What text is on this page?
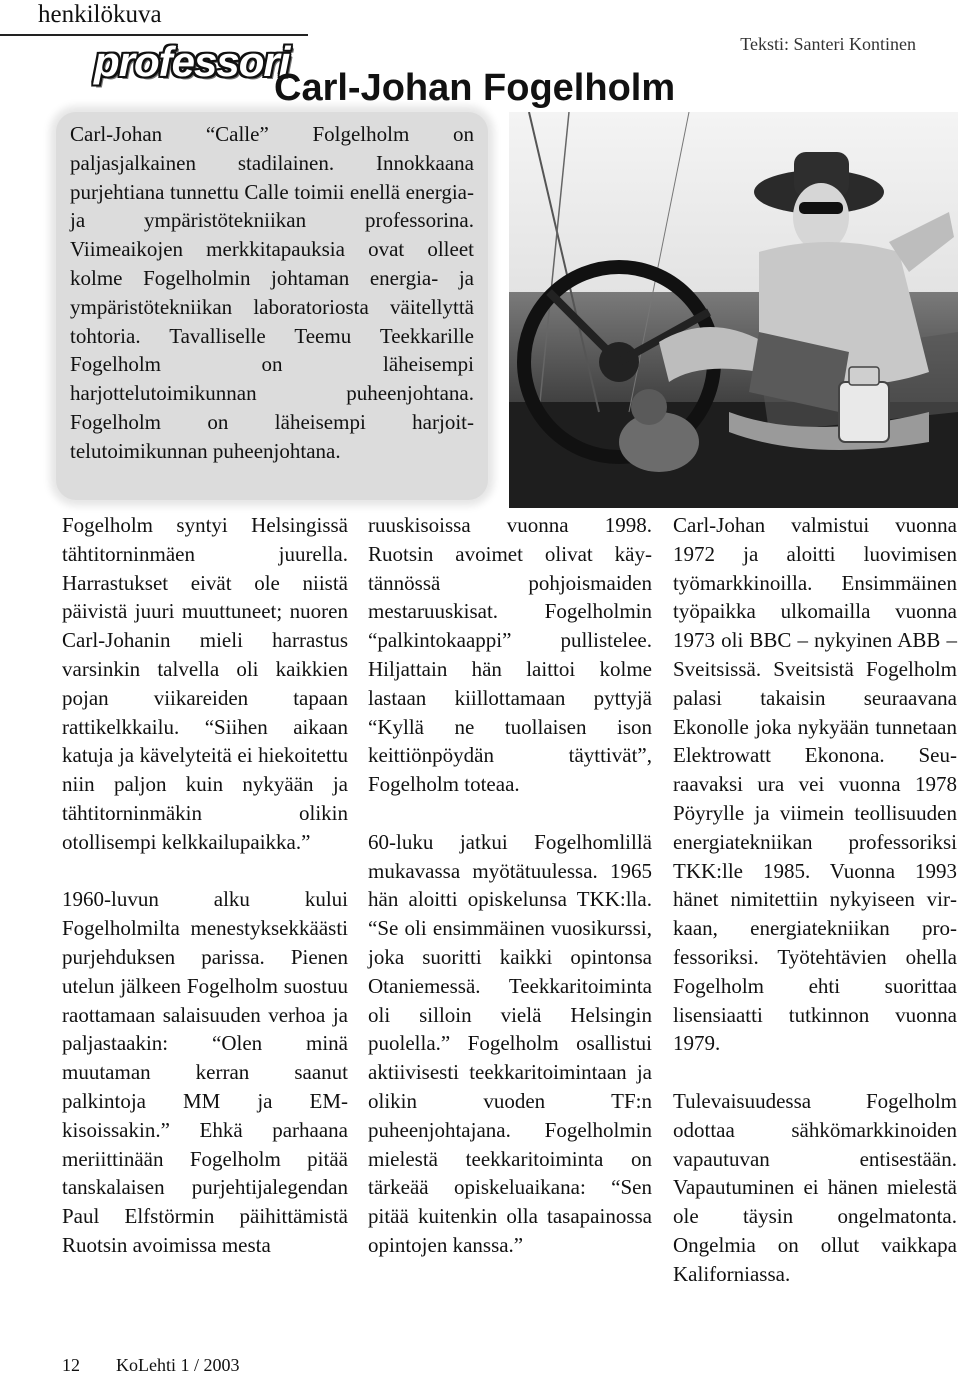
henkilökuva
professori	Teksti: Santeri Kontinen
Carl-Johan Fogelholm
Carl-Johan “Calle” Folgelholm on paljasjalkainen stadilainen. Innokkaana purjehtiana tunnettu Calle toimii enellä energia- ja ympäristötekniikan professorina. Viimeaikojen merkkitapauksia ovat olleet kolme Fogelholmin johtaman energia- ja ympäristötekniikan laboratoriosta väitellyttä tohtoria. Tavalliselle Teemu Teekkarille Fogelholm on läheisempi harjottelutoimikunnan puheenjohtana. Fogelholm on läheisempi harjoittelutoimikunnan puheenjohtana.

Fogelholm syntyi Helsingissä tähtitorninmäen juurella. Harrastukset eivät ole niistä päivistä juuri muuttuneet; nuoren Carl-Johanin mieli harrastus varsinkin talvella oli kaikkien pojan viikareiden tapaan rattikelkkailu. “Siihen aikaan katuja ja kävelyteitä ei hiekoitettu niin paljon kuin nykyään ja tähtitorninmäkin olikin otollisempi kelkkailupaikka.”

1960-luvun alku kului Fogelholmilta menestyksekkäästi purjehduksen parissa. Pienen utelun jälkeen Fogelholm suostuu raottamaan salaisuuden verhoa ja paljastaakin: “Olen minä muutaman kerran saanut palkintoja MM ja EM-kisoissakin.” Ehkä parhaana meriittinään Fogelholm pitää tanskalaisen purjehtijalegendan Paul Elfstörmin päihittämistä Ruotsin avoimissa mesta

ruuskisoissa vuonna 1998. Ruotsin avoimet olivat käytännössä pohjoismaiden mestaruuskisat. Fogelholmin “palkintokaappi” pullistelee. Hiljattain hän laittoi kolme lastaan kiillottamaan pyttyjä “Kyllä ne tuollaisen ison keittiönpöydän täyttivät”, Fogelholm toteaa.

60-luku jatkui Fogelhomlillä mukavassa myötätuulessa. 1965 hän aloitti opiskelunsa TKK:lla. “Se oli ensimmäinen vuosikurssi, joka suoritti kaikki opintonsa Otaniemessä. Teekkaritoiminta oli silloin vielä Helsingin puolella.” Fogelholm osallistui aktiivisesti teekkaritoimintaan ja olikin vuoden TF:n puheenjohtajana. Fogelholmin mielestä teekkaritoiminta on tärkeää opiskeluaikana: “Sen pitää kuitenkin olla tasapainossa opintojen kanssa.”

Carl-Johan valmistui vuonna 1972 ja aloitti luovimisen työmarkkinoilla. Ensimmäinen työpaikka ulkomailla vuonna 1973 oli BBC – nykyinen ABB – Sveitsissä. Sveitsistä Fogelholm palasi takaisin seuraavana Ekonolle joka nykyään tunnetaan Elektrowatt Ekonona. Seuraavaksi ura vei vuonna 1978 Pöyrylle ja viimein teollisuuden energiatekniikan professoriksi TKK:lle 1985. Vuonna 1993 hänet nimitettiin nykyiseen virkaan, energiatekniikan professoriksi. Työtehtävien ohella Fogelholm ehti suorittaa lisensiaatti tutkinnon vuonna 1979.

Tulevaisuudessa Fogelholm odottaa sähkömarkkinoiden vapautuvan entisestään. Vapautuminen ei hänen mielestä ole täysin ongelmatonta. Ongelmia on ollut vaikkapa Kaliforniassa.

12 KoLehti 1 / 2003
